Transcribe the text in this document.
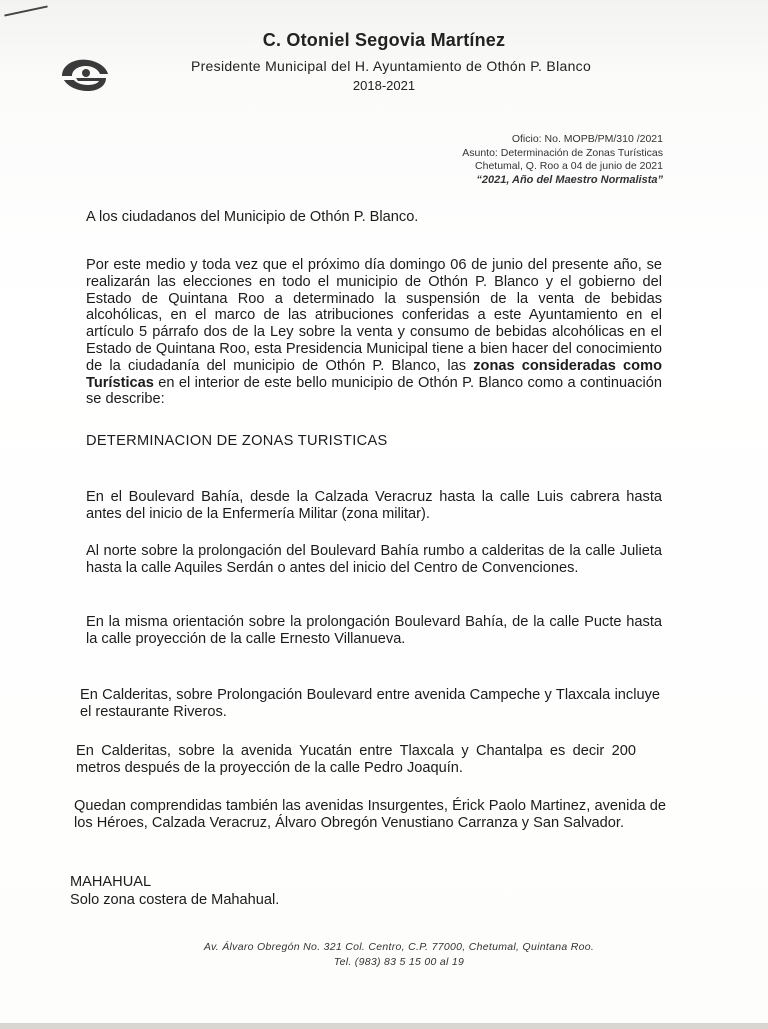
C. Otoniel Segovia Martínez
Presidente Municipal del H. Ayuntamiento de Othón P. Blanco
2018-2021
Oficio: No. MOPB/PM/310 /2021
Asunto: Determinación de Zonas Turísticas
Chetumal, Q. Roo a 04 de junio de 2021
“2021, Año del Maestro Normalista”
A los ciudadanos del Municipio de Othón P. Blanco.
Por este medio y toda vez que el próximo día domingo 06 de junio del presente año, se realizarán las elecciones en todo el municipio de Othón P. Blanco y el gobierno del Estado de Quintana Roo a determinado la suspensión de la venta de bebidas alcohólicas, en el marco de las atribuciones conferidas a este Ayuntamiento en el artículo 5 párrafo dos de la Ley sobre la venta y consumo de bebidas alcohólicas en el Estado de Quintana Roo, esta Presidencia Municipal tiene a bien hacer del conocimiento de la ciudadanía del municipio de Othón P. Blanco, las zonas consideradas como Turísticas en el interior de este bello municipio de Othón P. Blanco como a continuación se describe:
DETERMINACION DE ZONAS TURISTICAS
En el Boulevard Bahía, desde la Calzada Veracruz hasta la calle Luis cabrera hasta antes del inicio de la Enfermería Militar (zona militar).
Al norte sobre la prolongación del Boulevard Bahía rumbo a calderitas de la calle Julieta hasta la calle Aquiles Serdán o antes del inicio del Centro de Convenciones.
En la misma orientación sobre la prolongación Boulevard Bahía, de la calle Pucte hasta la calle proyección de la calle Ernesto Villanueva.
En Calderitas, sobre Prolongación Boulevard entre avenida Campeche y Tlaxcala incluye el restaurante Riveros.
En Calderitas, sobre la avenida Yucatán entre Tlaxcala y Chantalpa es decir 200 metros después de la proyección de la calle Pedro Joaquín.
Quedan comprendidas también las avenidas Insurgentes, Érick Paolo Martinez, avenida de los Héroes, Calzada Veracruz, Álvaro Obregón Venustiano Carranza y San Salvador.
MAHAHUAL
Solo zona costera de Mahahual.
Av. Álvaro Obregón No. 321 Col. Centro, C.P. 77000, Chetumal, Quintana Roo.
Tel. (983) 83 5 15 00 al 19
